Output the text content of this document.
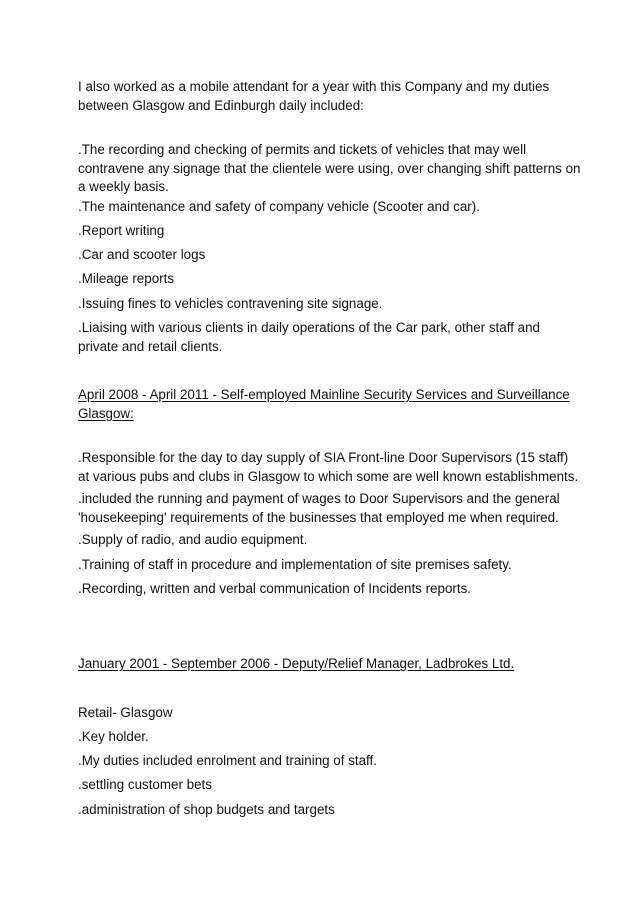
I also worked as a mobile attendant for a year with this Company and my duties
between Glasgow and Edinburgh daily included:

.The recording and checking of permits and tickets of vehicles that may well
contravene any signage that the clientele were using, over changing shift patterns on
a weekly basis.

.The maintenance and safety of company vehicle (Scooter and car).

.Report writing

.Car and scooter logs

.Mileage reports

.Issuing fines to vehicles contravening site signage.

.Liaising with various clients in daily operations of the Car park, other staff and
private and retail clients.

April 2008 - April 2011 - Self-employed Mainline Security Services and Surveillance
Glasgow:

.Responsible for the day to day supply of SIA Front-line Door Supervisors (15 staff)
at various pubs and clubs in Glasgow to which some are well known establishments.

.included the running and payment of wages to Door Supervisors and the general
'housekeeping' requirements of the businesses that employed me when required.

.Supply of radio, and audio equipment.

.Training of staff in procedure and implementation of site premises safety.

.Recording, written and verbal communication of Incidents reports.

January 2001 - September 2006 - Deputy/Relief Manager, Ladbrokes Ltd.

Retail- Glasgow

.Key holder.

.My duties included enrolment and training of staff.

.settling customer bets

.administration of shop budgets and targets
